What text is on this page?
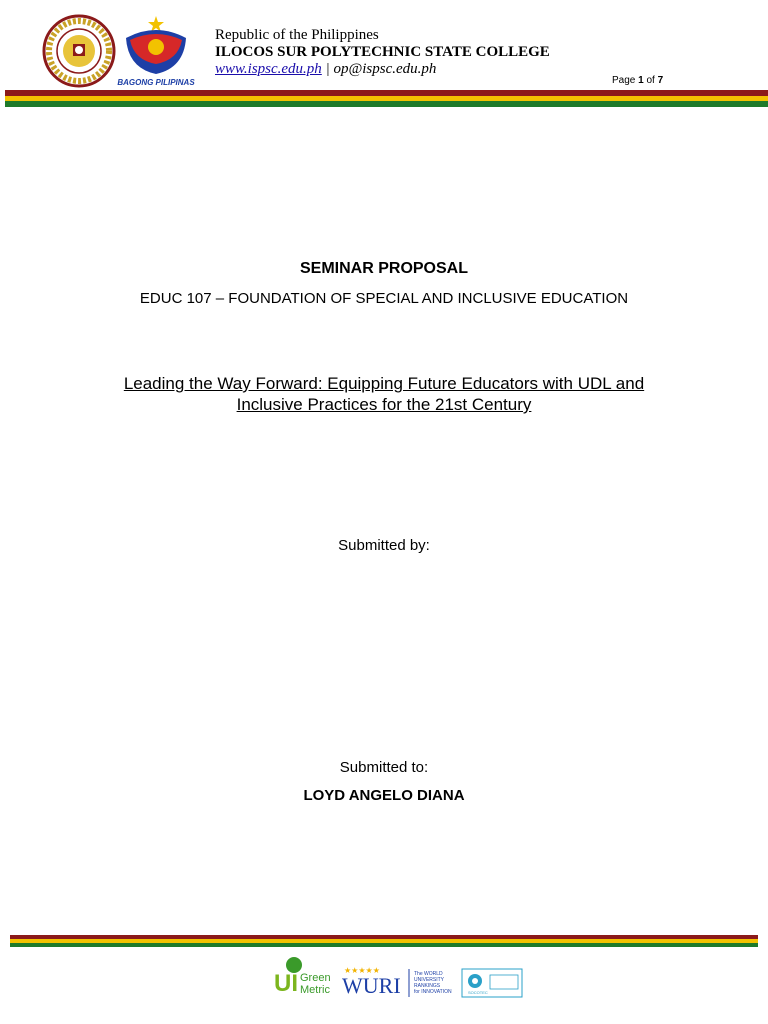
BAGONG PILIPINAS
Republic of the Philippines
ILOCOS SUR POLYTECHNIC STATE COLLEGE
www.ispsc.edu.ph | op@ispsc.edu.ph
Page 1 of 7
SEMINAR PROPOSAL
EDUC 107 – FOUNDATION OF SPECIAL AND INCLUSIVE EDUCATION
Leading the Way Forward: Equipping Future Educators with UDL and
Inclusive Practices for the 21st Century
Submitted by:
Submitted to:
LOYD ANGELO DIANA
UI Green
Metric
★★★★★
WURI	The WORLD
UNIVERSITY
RANKINGS
for INNOVATION	SOCOTEC
